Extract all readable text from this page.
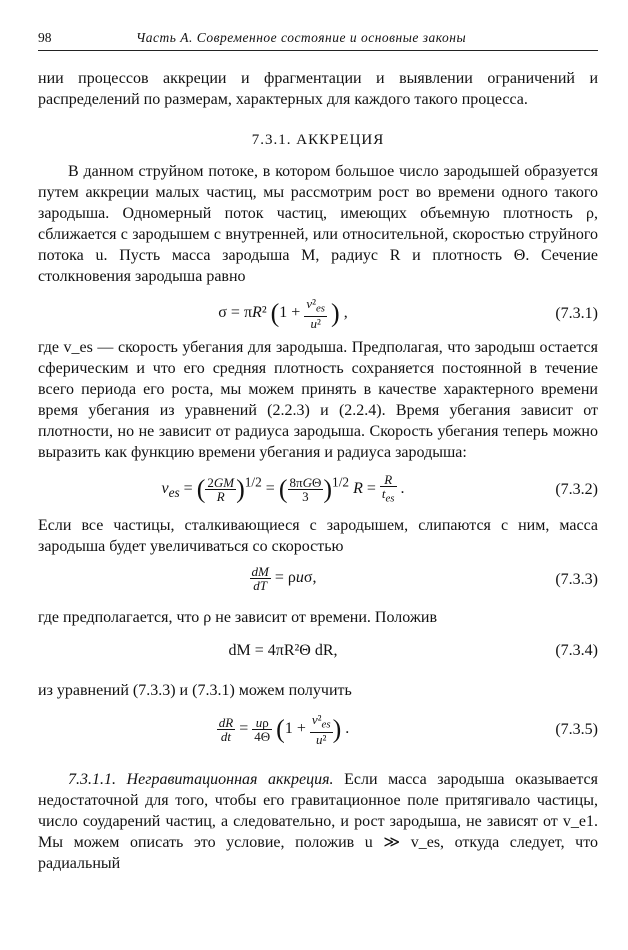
98	Часть А. Современное состояние и основные законы

нии процессов аккреции и фрагментации и выявлении ограничений и распределений по размерам, характерных для каждого такого процесса.

7.3.1. АККРЕЦИЯ

В данном струйном потоке, в котором большое число зародышей образуется путем аккреции малых частиц, мы рассмотрим рост во времени одного такого зародыша. Одномерный поток частиц, имеющих объемную плотность ρ, сближается с зародышем с внутренней, или относительной, скоростью струйного потока u. Пусть масса зародыша M, радиус R и плотность Θ. Сечение столкновения зародыша равно

σ = πR² ($1 + \frac{v^2_{es}}{\text{u²}}$ ) ,	(7.3.1)

где v_es — скорость убегания для зародыша. Предполагая, что зародыш остается сферическим и что его средняя плотность сохраняется постоянной в течение всего периода его роста, мы можем принять в качестве характерного времени время убегания из уравнений (2.2.3) и (2.2.4). Время убегания зависит от плотности, но не зависит от радиуса зародыша. Скорость убегания теперь можно выразить как функцию времени убегания и радиуса зародыша:

$v_{es}$ = ( $\frac{2GM}{R} )^{1/2}$ = ( $\frac{\text{8πGΘ}}{3} )^{1/2}$ $R = \frac{R}{t_{es}}$ .	(7.3.2)

Если все частицы, сталкивающиеся с зародышем, слипаются с ним, масса зародыша будет увеличиваться со скоростью

$\frac{dM}{dT} = \rho u\sigma$,	(7.3.3)

где предполагается, что ρ не зависит от времени. Положив

dM = 4πR²Θ dR,	(7.3.4)

из уравнений (7.3.3) и (7.3.1) можем получить

$\frac{dR}{dt} = \frac{u\rho}{4\Theta} (1 + \frac{v^2_{es}}{\text{u²}}$ ) .	(7.3.5)

7.3.1.1. Негравитационная аккреция. Если масса зародыша оказывается недостаточной для того, чтобы его гравитационное поле притягивало частицы, число соударений частиц, а следовательно, и рост зародыша, не зависят от v_e1. Мы можем описать это условие, положив u ≫ v_es, откуда следует, что радиальный
